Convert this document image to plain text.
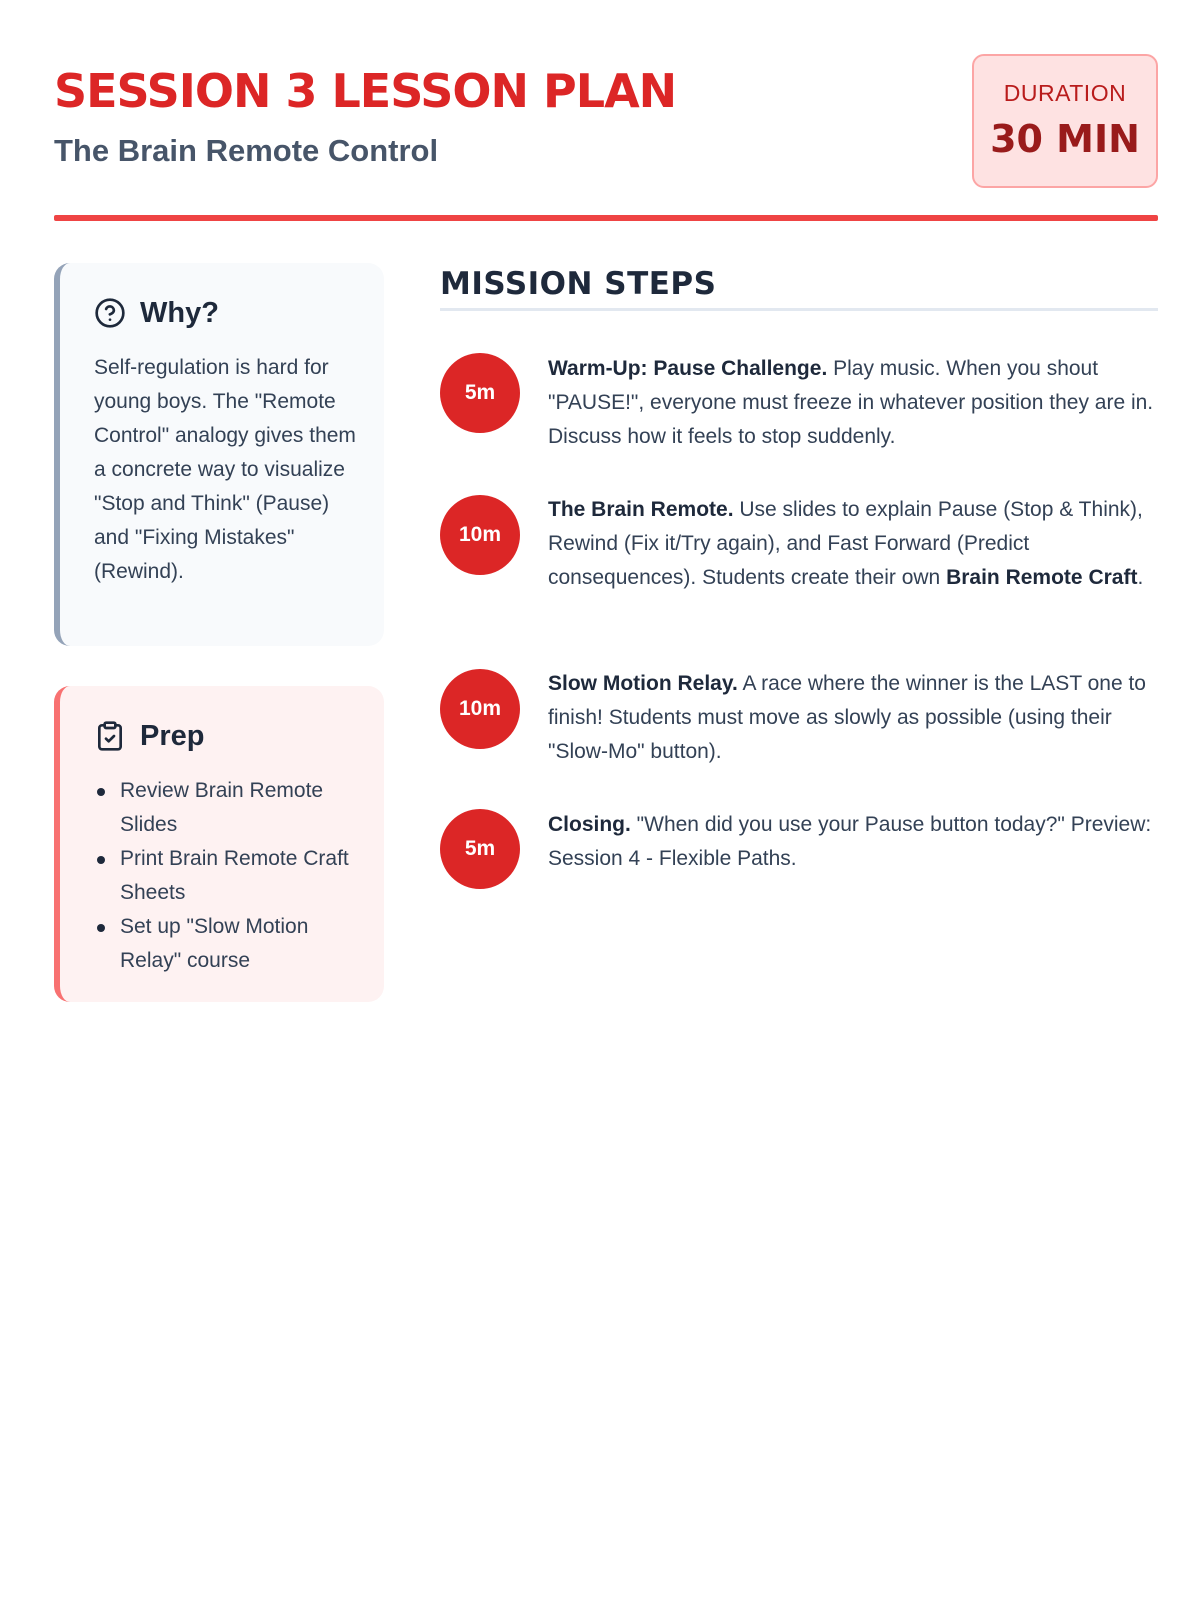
SESSION 3 LESSON PLAN
The Brain Remote Control
DURATION
30 MIN
Why?

Self-regulation is hard for young boys. The "Remote Control" analogy gives them a concrete way to visualize "Stop and Think" (Pause) and "Fixing Mistakes" (Rewind).

Prep
Review Brain Remote Slides
Print Brain Remote Craft Sheets
Set up "Slow Motion Relay" course
MISSION STEPS
5m

Warm-Up: Pause Challenge. Play music. When you shout "PAUSE!", everyone must freeze in whatever position they are in. Discuss how it feels to stop suddenly.

10m

The Brain Remote. Use slides to explain Pause (Stop & Think), Rewind (Fix it/Try again), and Fast Forward (Predict consequences). Students create their own Brain Remote Craft.

10m

Slow Motion Relay. A race where the winner is the LAST one to finish! Students must move as slowly as possible (using their "Slow-Mo" button).

5m

Closing. "When did you use your Pause button today?" Preview: Session 4 - Flexible Paths.
